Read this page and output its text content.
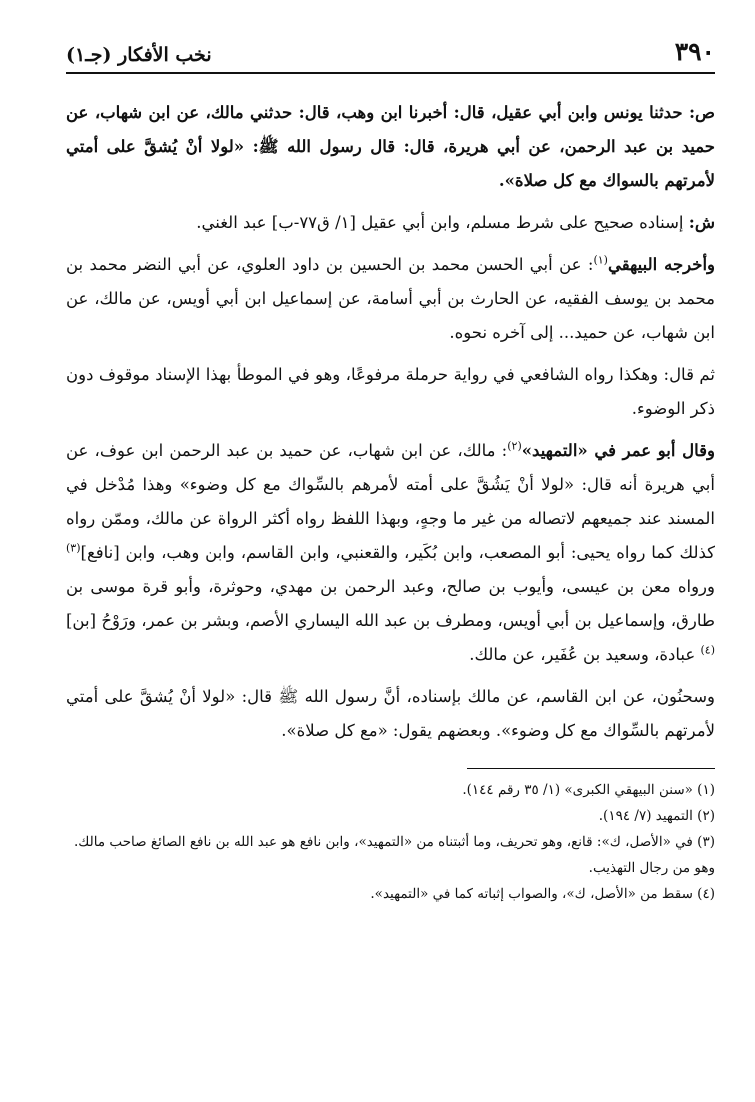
٣٩٠
نخب الأفكار (جـ١)

ص: حدثنا يونس وابن أبي عقيل، قال: أخبرنا ابن وهب، قال: حدثني مالك، عن ابن شهاب، عن حميد بن عبد الرحمن، عن أبي هريرة، قال: قال رسول الله ﷺ: «لولا أنْ يُشقَّ على أمتي لأمرتهم بالسواك مع كل صلاة».

ش: إسناده صحيح على شرط مسلم، وابن أبي عقيل [١/ ق٧٧-ب] عبد الغني.

وأخرجه البيهقي$^{(١)}$: عن أبي الحسن محمد بن الحسين بن داود العلوي، عن أبي النضر محمد بن محمد بن يوسف الفقيه، عن الحارث بن أبي أسامة، عن إسماعيل ابن أبي أويس، عن مالك، عن ابن شهاب، عن حميد... إلى آخره نحوه.

ثم قال: وهكذا رواه الشافعي في رواية حرملة مرفوعًا، وهو في الموطأ بهذا الإسناد موقوف دون ذكر الوضوء.

وقال أبو عمر في «التمهيد»$^{(٢)}$: مالك، عن ابن شهاب، عن حميد بن عبد الرحمن ابن عوف، عن أبي هريرة أنه قال: «لولا أنْ يَشُقَّ على أمته لأمرهم بالسِّواك مع كل وضوء» وهذا مُدْخل في المسند عند جميعهم لاتصاله من غير ما وجهٍ، وبهذا اللفظ رواه أكثر الرواة عن مالك، وممّن رواه كذلك كما رواه يحيى: أبو المصعب، وابن بُكَير، والقعنبي، وابن القاسم، وابن وهب، وابن [نافع]$^{(٣)}$ ورواه معن بن عيسى، وأيوب بن صالح، وعبد الرحمن بن مهدي، وحوثرة، وأبو قرة موسى بن طارق، وإسماعيل بن أبي أويس، ومطرف بن عبد الله اليساري الأصم، وبشر بن عمر، ورَوْحُ [بن]$^{(٤)}$ عبادة، وسعيد بن عُفَير، عن مالك.

وسحنُون، عن ابن القاسم، عن مالك بإسناده، أنَّ رسول الله ﷺ قال: «لولا أنْ يُشقَّ على أمتي لأمرتهم بالسِّواك مع كل وضوء». وبعضهم يقول: «مع كل صلاة».

(١) «سنن البيهقي الكبرى» (١/ ٣٥ رقم ١٤٤).

(٢) التمهيد (٧/ ١٩٤).

(٣) في «الأصل، ك»: قانع، وهو تحريف، وما أثبتناه من «التمهيد»، وابن نافع هو عبد الله بن نافع الصائغ صاحب مالك. وهو من رجال التهذيب.

(٤) سقط من «الأصل، ك»، والصواب إثباته كما في «التمهيد».
